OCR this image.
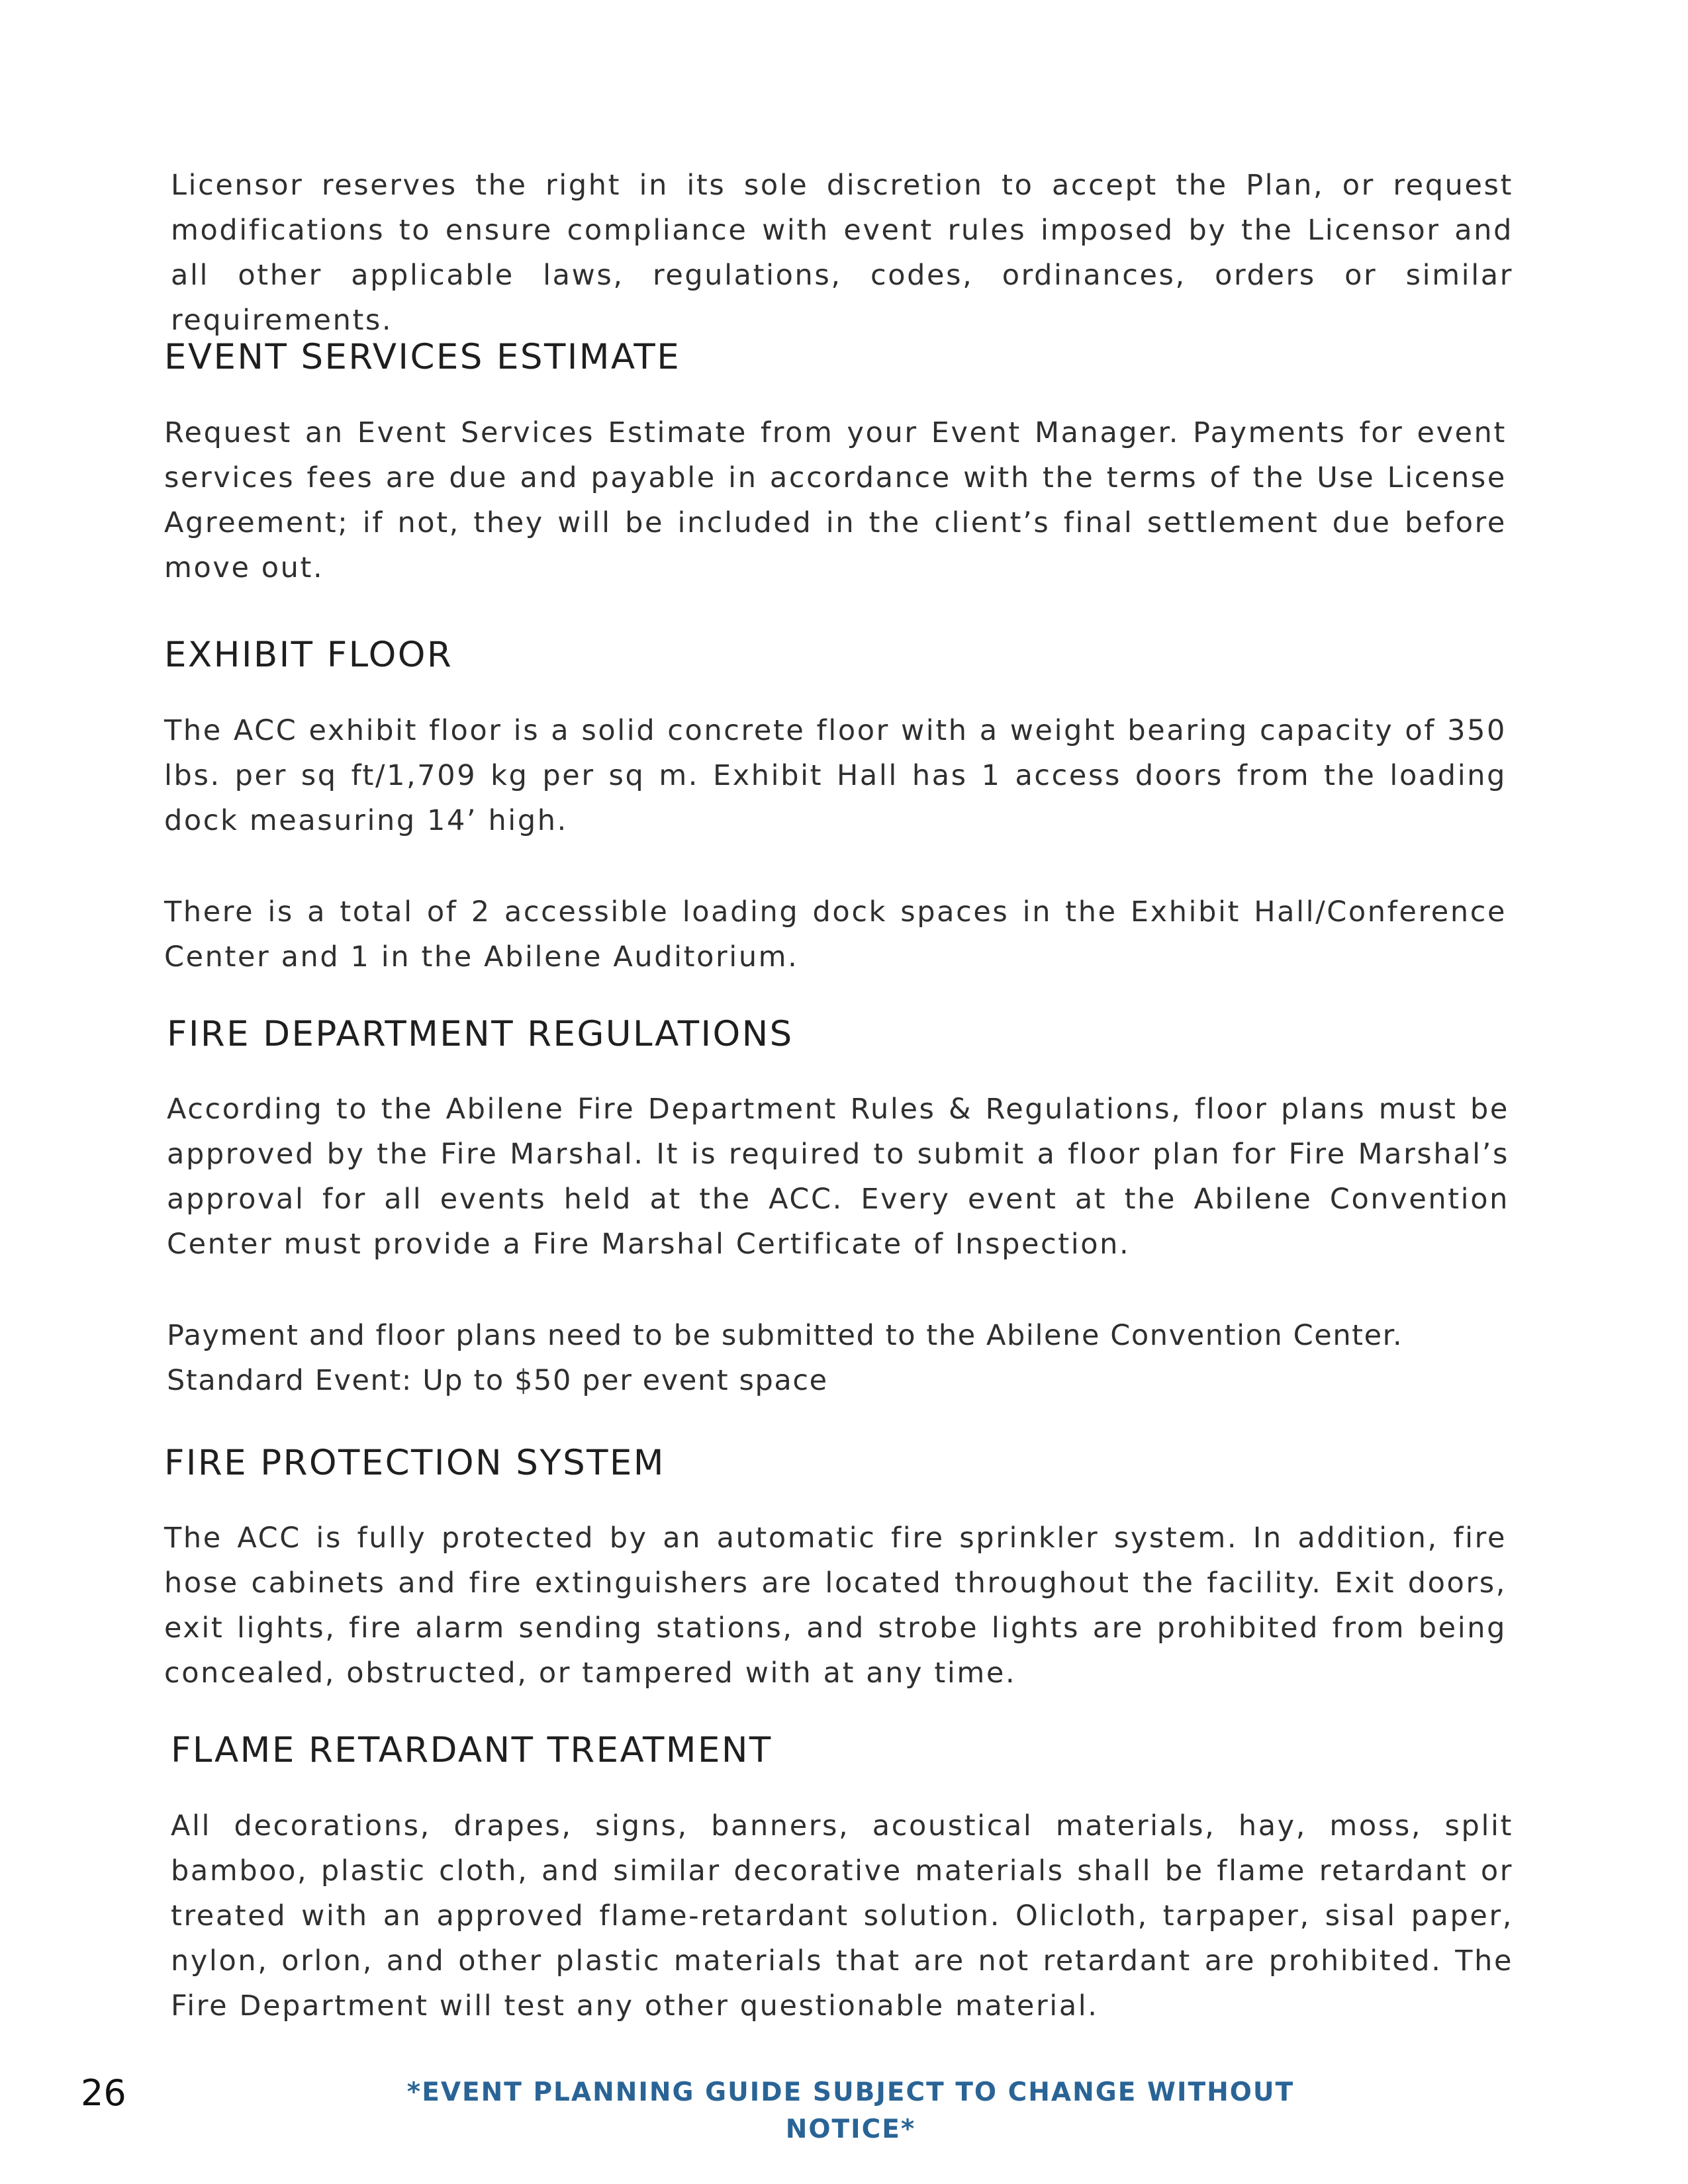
Licensor reserves the right in its sole discretion to accept the Plan, or request modifications to ensure compliance with event rules imposed by the Licensor and all other applicable laws, regulations, codes, ordinances, orders or similar requirements.

EVENT SERVICES ESTIMATE

Request an Event Services Estimate from your Event Manager. Payments for event services fees are due and payable in accordance with the terms of the Use License Agreement; if not, they will be included in the client’s final settlement due before move out.

EXHIBIT FLOOR

The ACC exhibit floor is a solid concrete floor with a weight bearing capacity of 350 lbs. per sq ft/1,709 kg per sq m. Exhibit Hall has 1 access doors from the loading dock measuring 14’ high.

There is a total of 2 accessible loading dock spaces in the Exhibit Hall/Conference Center and 1 in the Abilene Auditorium.

FIRE DEPARTMENT REGULATIONS

According to the Abilene Fire Department Rules & Regulations, floor plans must be approved by the Fire Marshal. It is required to submit a floor plan for Fire Marshal’s approval for all events held at the ACC. Every event at the Abilene Convention Center must provide a Fire Marshal Certificate of Inspection.

Payment and floor plans need to be submitted to the Abilene Convention Center.

Standard Event: Up to $50 per event space

FIRE PROTECTION SYSTEM

The ACC is fully protected by an automatic fire sprinkler system. In addition, fire hose cabinets and fire extinguishers are located throughout the facility. Exit doors, exit lights, fire alarm sending stations, and strobe lights are prohibited from being concealed, obstructed, or tampered with at any time.

FLAME RETARDANT TREATMENT

All decorations, drapes, signs, banners, acoustical materials, hay, moss, split bamboo, plastic cloth, and similar decorative materials shall be flame retardant or treated with an approved flame-retardant solution. Olicloth, tarpaper, sisal paper, nylon, orlon, and other plastic materials that are not retardant are prohibited. The Fire Department will test any other questionable material.

26	*EVENT PLANNING GUIDE SUBJECT TO CHANGE WITHOUT NOTICE*
